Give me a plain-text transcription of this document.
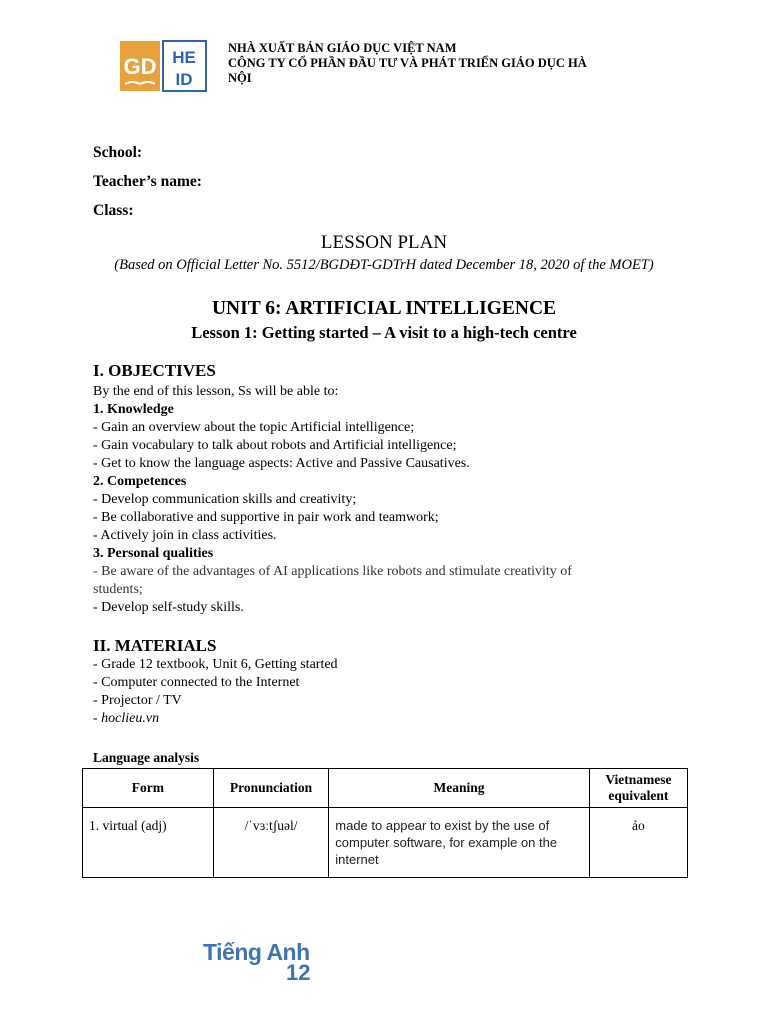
GD HE
ID
NHÀ XUẤT BẢN GIÁO DỤC VIỆT NAM
CÔNG TY CỔ PHẦN ĐẦU TƯ VÀ PHÁT TRIỂN GIÁO DỤC HÀ
NỘI
School:
Teacher’s name:
Class:
LESSON PLAN
(Based on Official Letter No. 5512/BGDĐT-GDTrH dated December 18, 2020 of the MOET)
UNIT 6: ARTIFICIAL INTELLIGENCE
Lesson 1: Getting started – A visit to a high-tech centre
I. OBJECTIVES
By the end of this lesson, Ss will be able to:
1. Knowledge
- Gain an overview about the topic Artificial intelligence;
- Gain vocabulary to talk about robots and Artificial intelligence;
- Get to know the language aspects: Active and Passive Causatives.
2. Competences
- Develop communication skills and creativity;
- Be collaborative and supportive in pair work and teamwork;
- Actively join in class activities.
3. Personal qualities
- Be aware of the advantages of AI applications like robots and stimulate creativity of
students;
- Develop self-study skills.
II. MATERIALS
- Grade 12 textbook, Unit 6, Getting started
- Computer connected to the Internet
- Projector / TV
- hoclieu.vn
Language analysis
Form	Pronunciation	Meaning	Vietnamese equivalent
1. virtual (adj)	/ˈvɜːtʃuəl/	made to appear to exist by the use of computer software, for example on the internet	ảo
Tiếng Anh
12
